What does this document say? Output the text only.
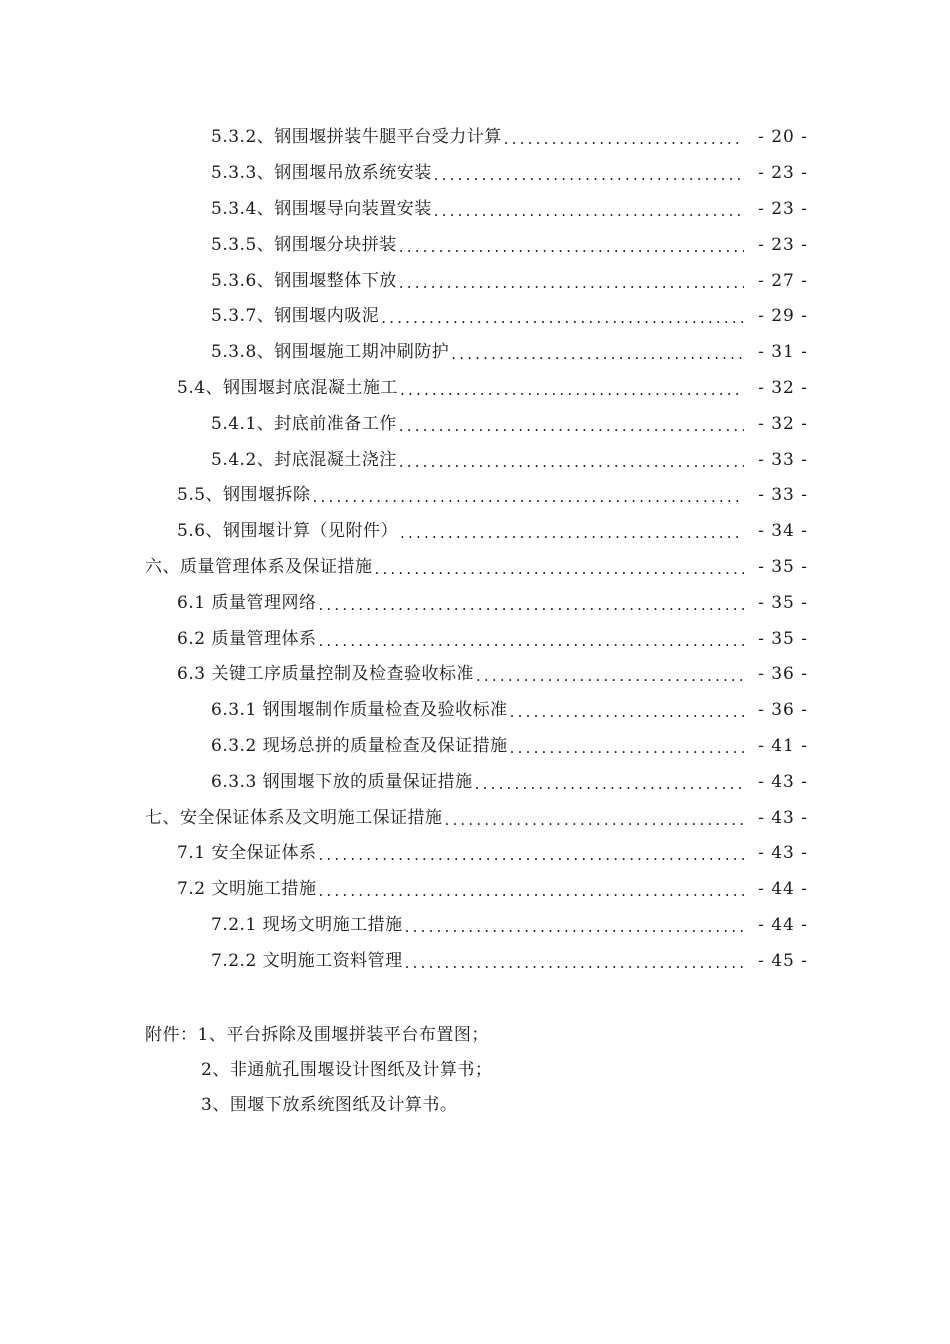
5.3.2、钢围堰拼装牛腿平台受力计算 .....	- 20 -
5.3.3、钢围堰吊放系统安装 .....	- 23 -
5.3.4、钢围堰导向装置安装 .....	- 23 -
5.3.5、钢围堰分块拼装 .....	- 23 -
5.3.6、钢围堰整体下放 .....	- 27 -
5.3.7、钢围堰内吸泥 .....	- 29 -
5.3.8、钢围堰施工期冲刷防护 .....	- 31 -
5.4、钢围堰封底混凝土施工 .....	- 32 -
5.4.1、封底前准备工作 .....	- 32 -
5.4.2、封底混凝土浇注 .....	- 33 -
5.5、钢围堰拆除 .....	- 33 -
5.6、钢围堰计算（见附件） .....	- 34 -
六、质量管理体系及保证措施 .....	- 35 -
6.1 质量管理网络 .....	- 35 -
6.2 质量管理体系 .....	- 35 -
6.3 关键工序质量控制及检查验收标准 .....	- 36 -
6.3.1 钢围堰制作质量检查及验收标准 .....	- 36 -
6.3.2 现场总拼的质量检查及保证措施 .....	- 41 -
6.3.3 钢围堰下放的质量保证措施 .....	- 43 -
七、安全保证体系及文明施工保证措施 .....	- 43 -
7.1 安全保证体系 .....	- 43 -
7.2 文明施工措施 .....	- 44 -
7.2.1 现场文明施工措施 .....	- 44 -
7.2.2 文明施工资料管理 .....	- 45 -
附件：1、平台拆除及围堰拼装平台布置图；
2、非通航孔围堰设计图纸及计算书；
3、围堰下放系统图纸及计算书。
